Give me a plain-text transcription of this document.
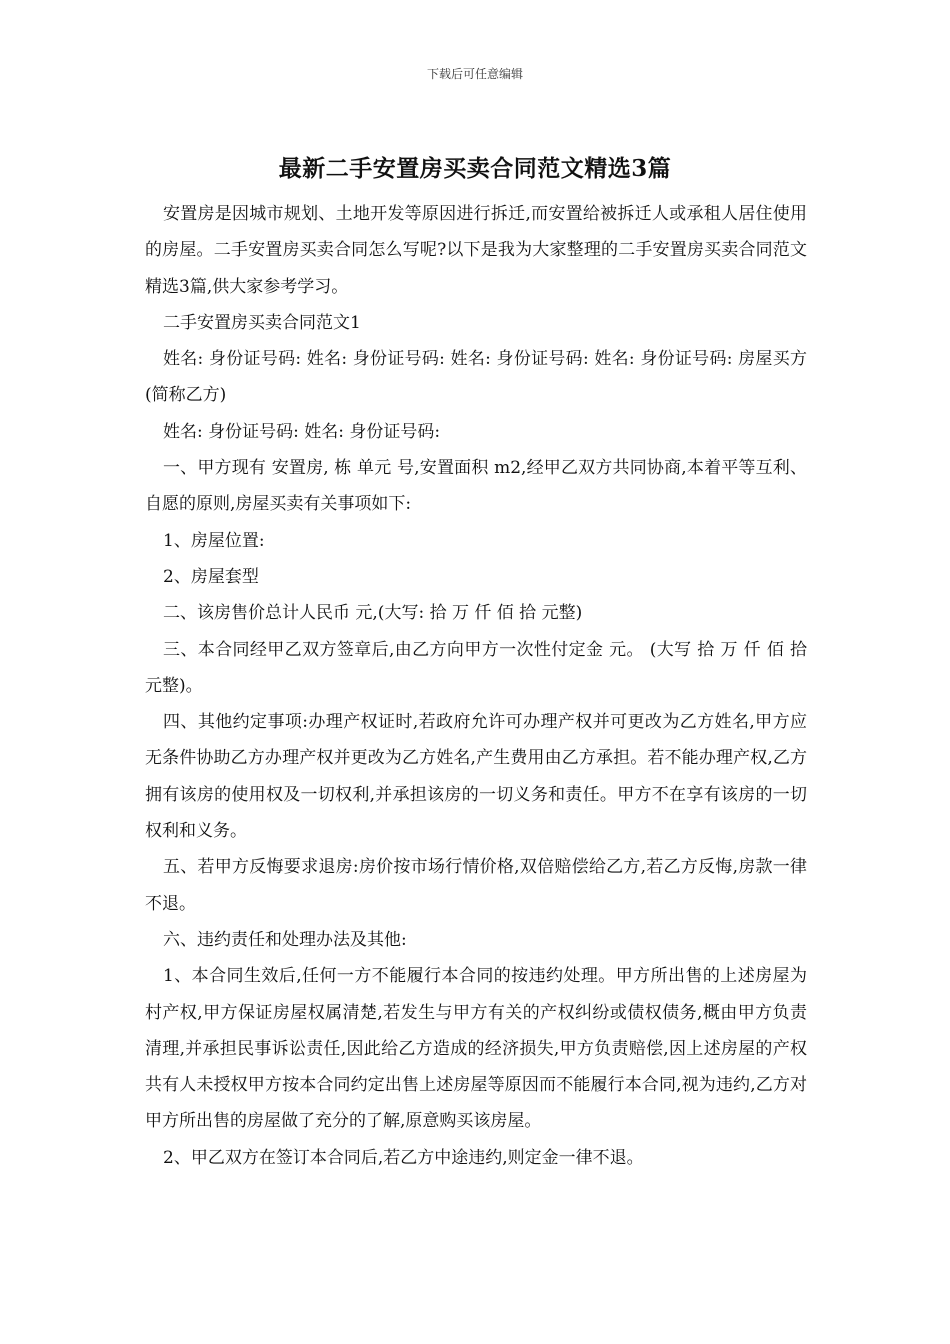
下载后可任意编辑
最新二手安置房买卖合同范文精选3篇

安置房是因城市规划、土地开发等原因进行拆迁,而安置给被拆迁人或承租人居住使用的房屋。二手安置房买卖合同怎么写呢?以下是我为大家整理的二手安置房买卖合同范文精选3篇,供大家参考学习。

二手安置房买卖合同范文1

姓名: 身份证号码: 姓名: 身份证号码: 姓名: 身份证号码: 姓名: 身份证号码: 房屋买方(简称乙方)

姓名: 身份证号码: 姓名: 身份证号码:

一、甲方现有 安置房, 栋 单元 号,安置面积 m2,经甲乙双方共同协商,本着平等互利、自愿的原则,房屋买卖有关事项如下:

1、房屋位置:

2、房屋套型

二、该房售价总计人民币 元,(大写: 拾 万 仟 佰 拾 元整)

三、本合同经甲乙双方签章后,由乙方向甲方一次性付定金 元。 (大写 拾 万 仟 佰 拾 元整)。

四、其他约定事项:办理产权证时,若政府允许可办理产权并可更改为乙方姓名,甲方应无条件协助乙方办理产权并更改为乙方姓名,产生费用由乙方承担。若不能办理产权,乙方拥有该房的使用权及一切权利,并承担该房的一切义务和责任。甲方不在享有该房的一切权利和义务。

五、若甲方反悔要求退房:房价按市场行情价格,双倍赔偿给乙方,若乙方反悔,房款一律不退。

六、违约责任和处理办法及其他:

1、本合同生效后,任何一方不能履行本合同的按违约处理。甲方所出售的上述房屋为村产权,甲方保证房屋权属清楚,若发生与甲方有关的产权纠纷或债权债务,概由甲方负责清理,并承担民事诉讼责任,因此给乙方造成的经济损失,甲方负责赔偿,因上述房屋的产权共有人未授权甲方按本合同约定出售上述房屋等原因而不能履行本合同,视为违约,乙方对甲方所出售的房屋做了充分的了解,原意购买该房屋。

2、甲乙双方在签订本合同后,若乙方中途违约,则定金一律不退。
